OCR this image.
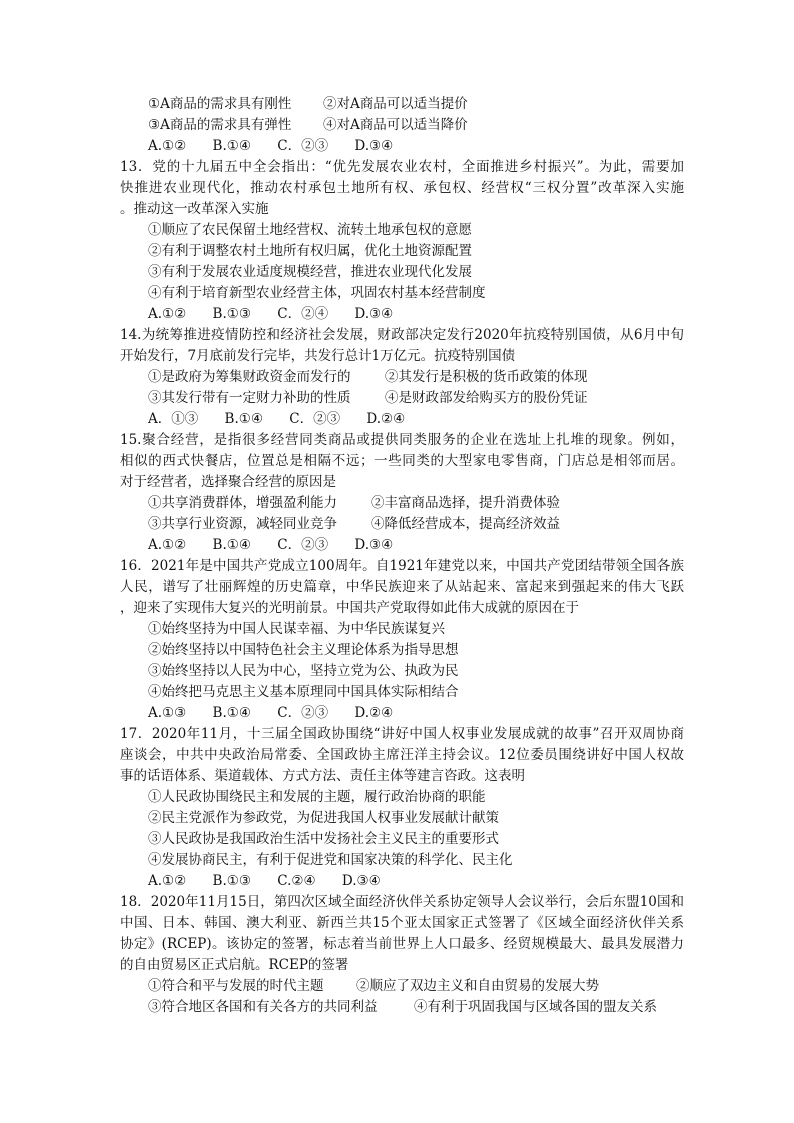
①A商品的需求具有刚性	②对A商品可以适当提价
③A商品的需求具有弹性	④对A商品可以适当降价
A.①② B.①④ C．②③ D.③④
13．党的十九届五中全会指出：“优先发展农业农村，全面推进乡村振兴”。为此，需要加
快推进农业现代化，推动农村承包土地所有权、承包权、经营权“三权分置”改革深入实施
。推动这一改革深入实施
①顺应了农民保留土地经营权、流转土地承包权的意愿
②有利于调整农村土地所有权归属，优化土地资源配置
③有利于发展农业适度规模经营，推进农业现代化发展
④有利于培育新型农业经营主体，巩固农村基本经营制度
A.①② B.①③ C．②④ D.③④
14.为统筹推进疫情防控和经济社会发展，财政部决定发行2020年抗疫特别国债，从6月中旬
开始发行，7月底前发行完毕，共发行总计1万亿元。抗疫特别国债
①是政府为筹集财政资金而发行的	②其发行是积极的货币政策的体现
③其发行带有一定财力补助的性质	④是财政部发给购买方的股份凭证
A．①③ B.①④ C．②③ D.②④
15.聚合经营，是指很多经营同类商品或提供同类服务的企业在选址上扎堆的现象。例如，
相似的西式快餐店，位置总是相隔不远；一些同类的大型家电零售商，门店总是相邻而居。
对于经营者，选择聚合经营的原因是
①共享消费群体，增强盈利能力	②丰富商品选择，提升消费体验
③共享行业资源，减轻同业竞争	④降低经营成本，提高经济效益
A.①② B.①④ C．②③ D.③④
16．2021年是中国共产党成立100周年。自1921年建党以来，中国共产党团结带领全国各族
人民，谱写了壮丽辉煌的历史篇章，中华民族迎来了从站起来、富起来到强起来的伟大飞跃
，迎来了实现伟大复兴的光明前景。中国共产党取得如此伟大成就的原因在于
①始终坚持为中国人民谋幸福、为中华民族谋复兴
②始终坚持以中国特色社会主义理论体系为指导思想
③始终坚持以人民为中心，坚持立党为公、执政为民
④始终把马克思主义基本原理同中国具体实际相结合
A.①③ B.①④ C．②③ D.②④
17．2020年11月，十三届全国政协围绕“讲好中国人权事业发展成就的故事”召开双周协商
座谈会，中共中央政治局常委、全国政协主席汪洋主持会议。12位委员围绕讲好中国人权故
事的话语体系、渠道载体、方式方法、责任主体等建言咨政。这表明
①人民政协围绕民主和发展的主题，履行政治协商的职能
②民主党派作为参政党，为促进我国人权事业发展献计献策
③人民政协是我国政治生活中发扬社会主义民主的重要形式
④发展协商民主，有利于促进党和国家决策的科学化、民主化
A.①② B.①③ C.②④ D.③④
18．2020年11月15日，第四次区域全面经济伙伴关系协定领导人会议举行，会后东盟10国和
中国、日本、韩国、澳大利亚、新西兰共15个亚太国家正式签署了《区域全面经济伙伴关系
协定》(RCEP)。该协定的签署，标志着当前世界上人口最多、经贸规模最大、最具发展潜力
的自由贸易区正式启航。RCEP的签署
①符合和平与发展的时代主题	②顺应了双边主义和自由贸易的发展大势
③符合地区各国和有关各方的共同利益	④有利于巩固我国与区域各国的盟友关系
